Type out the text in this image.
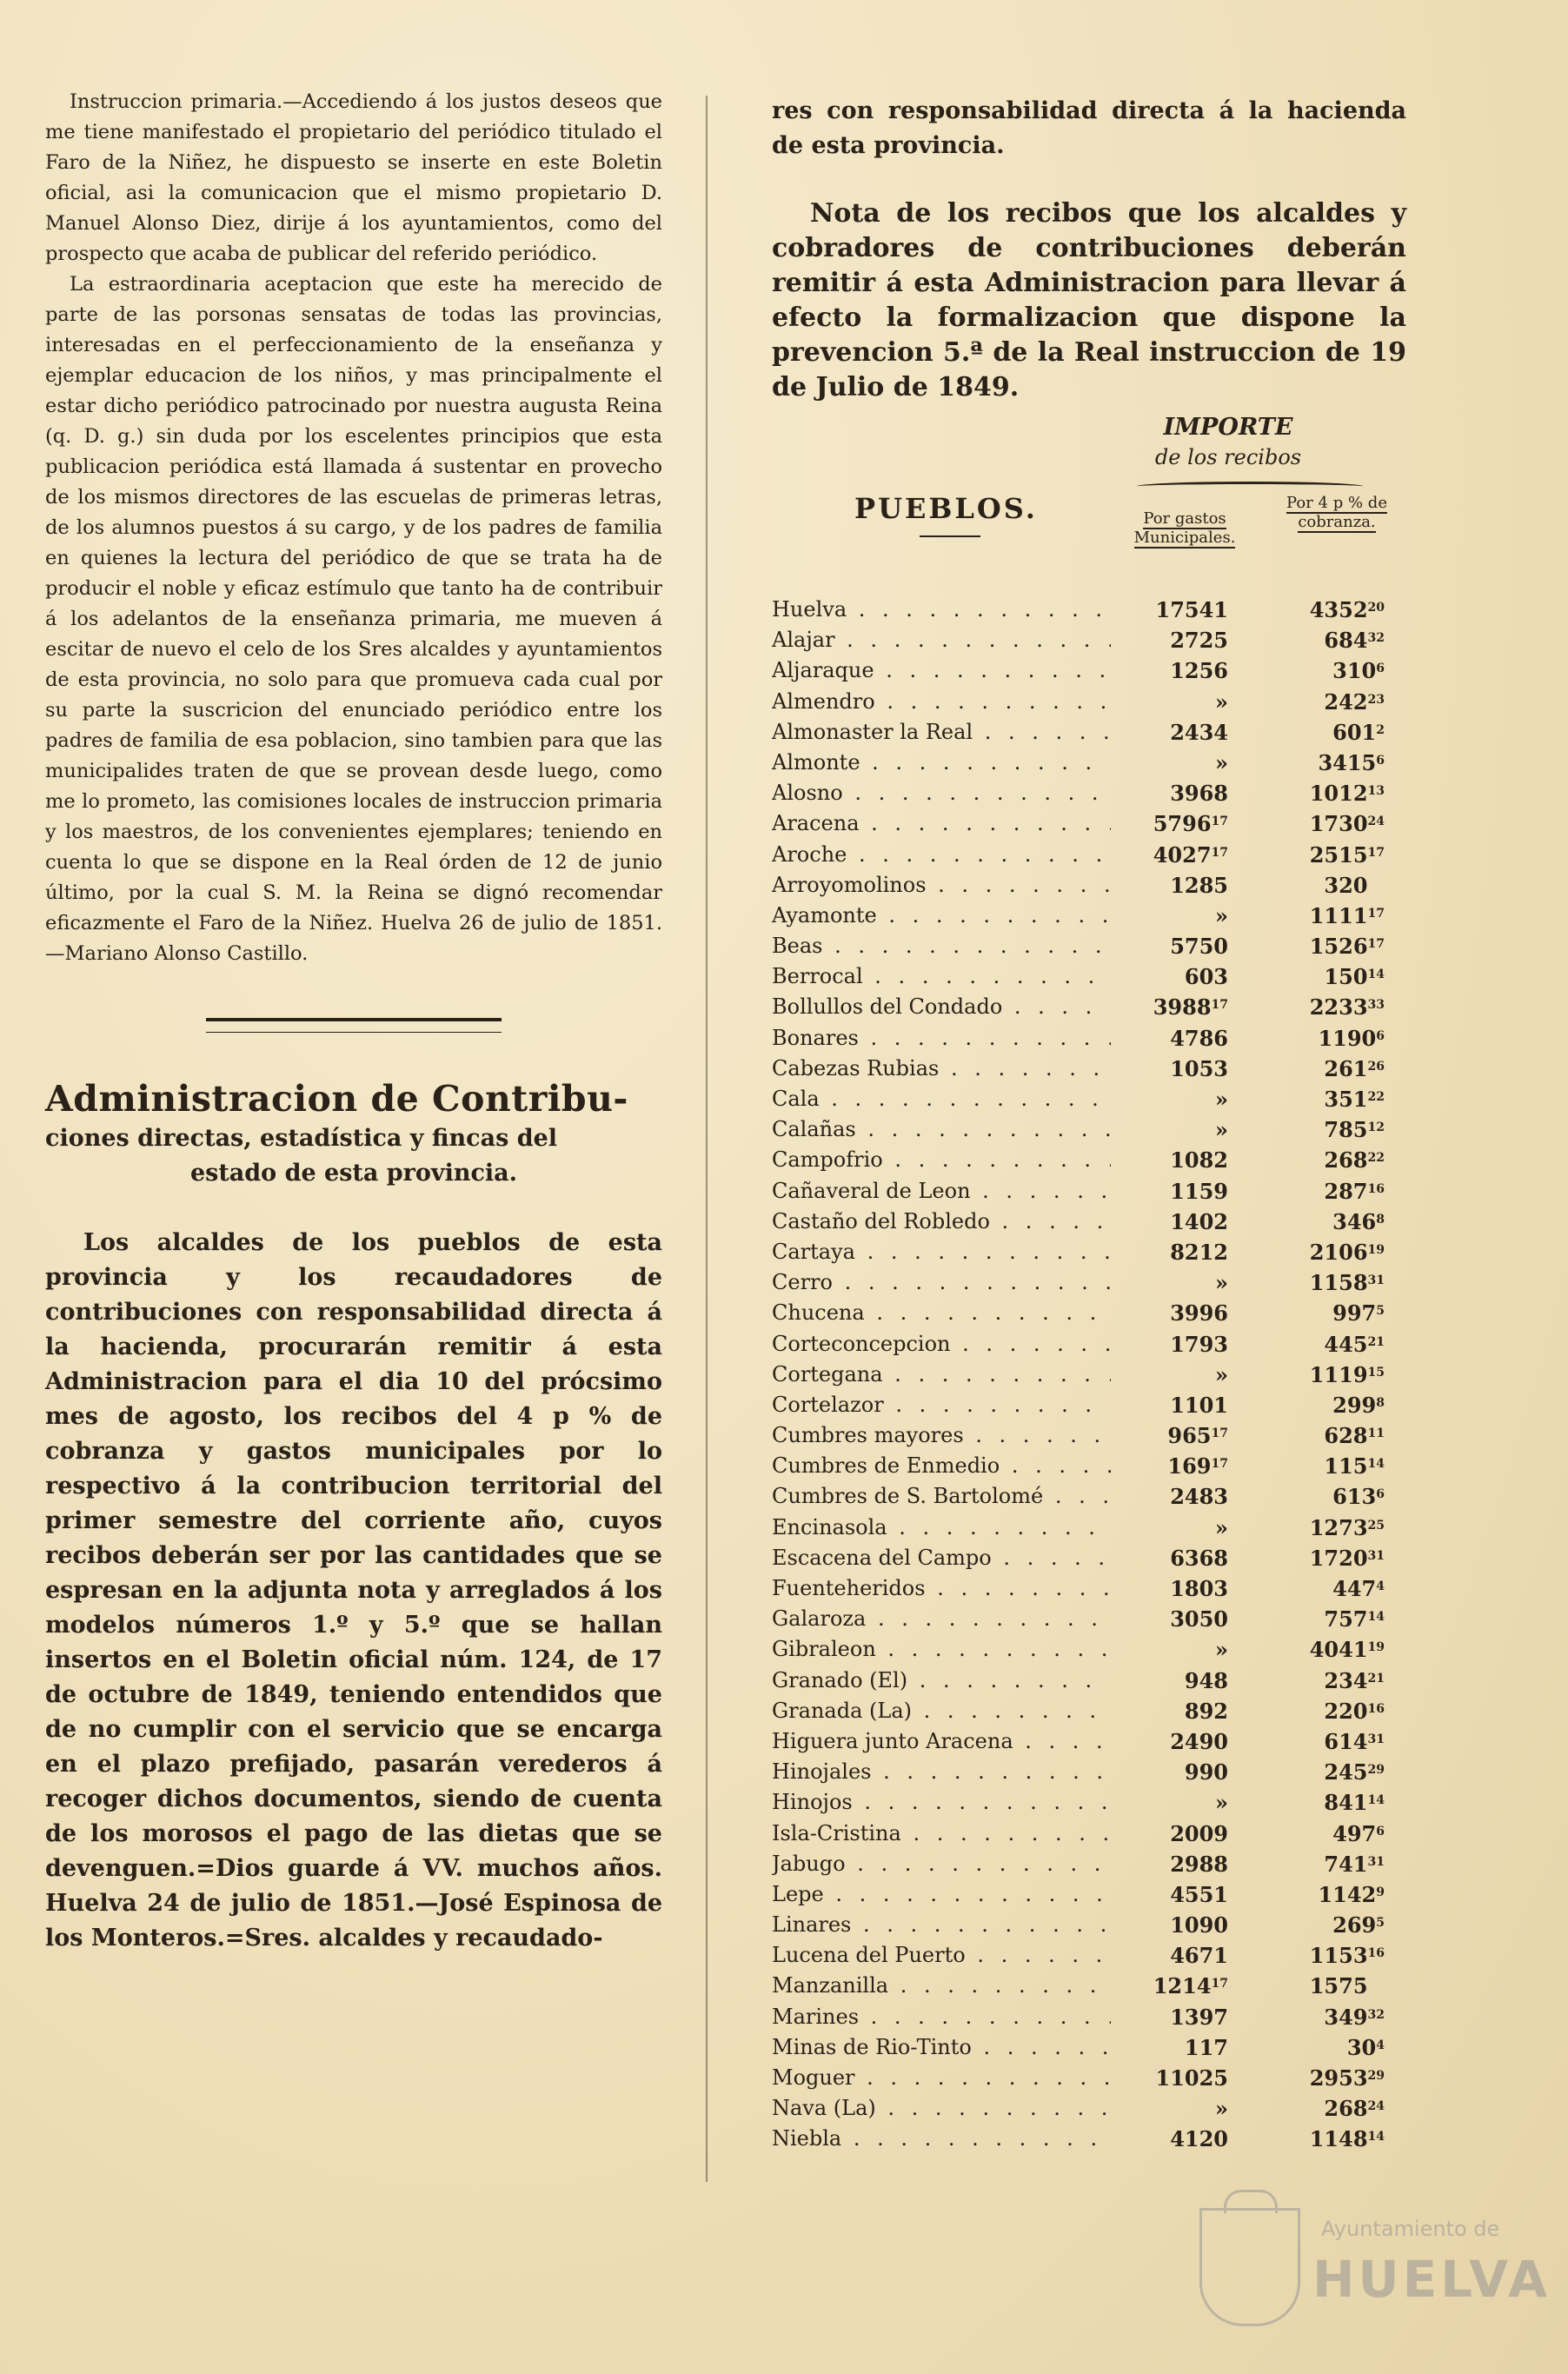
Instruccion primaria.—Accediendo á los justos deseos que me tiene manifestado el propietario del periódico titulado el Faro de la Niñez, he dispuesto se inserte en este Boletin oficial, asi la comunicacion que el mismo propietario D. Manuel Alonso Diez, dirije á los ayuntamientos, como del prospecto que acaba de publicar del referido periódico.

La estraordinaria aceptacion que este ha merecido de parte de las porsonas sensatas de todas las provincias, interesadas en el perfeccionamiento de la enseñanza y ejemplar educacion de los niños, y mas principalmente el estar dicho periódico patrocinado por nuestra augusta Reina (q. D. g.) sin duda por los escelentes principios que esta publicacion periódica está llamada á sustentar en provecho de los mismos directores de las escuelas de primeras letras, de los alumnos puestos á su cargo, y de los padres de familia en quienes la lectura del periódico de que se trata ha de producir el noble y eficaz estímulo que tanto ha de contribuir á los adelantos de la enseñanza primaria, me mueven á escitar de nuevo el celo de los Sres alcaldes y ayuntamientos de esta provincia, no solo para que promueva cada cual por su parte la suscricion del enunciado periódico entre los padres de familia de esa poblacion, sino tambien para que las municipalides traten de que se provean desde luego, como me lo prometo, las comisiones locales de instruccion primaria y los maestros, de los convenientes ejemplares; teniendo en cuenta lo que se dispone en la Real órden de 12 de junio último, por la cual S. M. la Reina se dignó recomendar eficazmente el Faro de la Niñez. Huelva 26 de julio de 1851.—Mariano Alonso Castillo.

Administracion de Contribu-
ciones directas, estadística y fincas del
estado de esta provincia.

Los alcaldes de los pueblos de esta provincia y los recaudadores de contribuciones con responsabilidad directa á la hacienda, procurarán remitir á esta Administracion para el dia 10 del prócsimo mes de agosto, los recibos del 4 p % de cobranza y gastos municipales por lo respectivo á la contribucion territorial del primer semestre del corriente año, cuyos recibos deberán ser por las cantidades que se espresan en la adjunta nota y arreglados á los modelos números 1.º y 5.º que se hallan insertos en el Boletin oficial núm. 124, de 17 de octubre de 1849, teniendo entendidos que de no cumplir con el servicio que se encarga en el plazo prefijado, pasarán verederos á recoger dichos documentos, siendo de cuenta de los morosos el pago de las dietas que se devenguen.=Dios guarde á VV. muchos años. Huelva 24 de julio de 1851.—José Espinosa de los Monteros.=Sres. alcaldes y recaudado-

res con responsabilidad directa á la hacienda de esta provincia.

Nota de los recibos que los alcaldes y cobradores de contribuciones deberán remitir á esta Administracion para llevar á efecto la formalizacion que dispone la prevencion 5.ª de la Real instruccion de 19 de Julio de 1849.

IMPORTE
de los recibos
PUEBLOS.	Por gastos Municipales.
Por 4 p % de cobranza.
Huelva . . .	17541	4352$^{20}$
Alajar . . .	2725	$684^{32}$
Aljaraque . . .	1256	$310^6$
Almendro . . .	»	$242^{23}$
Almonaster la Real . . .	2434	$601^2$
Almonte . . .	»	3415$^6$
Alosno . . .	3968	1012$^{13}$
Aracena . . .	5796$^{17}$	1730$^{24}$
Aroche . . .	4027$^{17}$	2515$^{17}$
Arroyomolinos . . .	1285	320
Ayamonte . . .	»	1111$^{17}$
Beas . . .	5750	1526$^{17}$
Berrocal . . .	603	$150^{14}$
Bollullos del Condado . . .	3988$^{17}$	2233$^{33}$
Bonares . . .	4786	1190$^6$
Cabezas Rubias . . .	1053	$261^{26}$
Cala . . .	»	$351^{22}$
Calañas . . .	»	$785^{12}$
Campofrio . . .	1082	$268^{22}$
Cañaveral de Leon . . .	1159	$287^{16}$
Castaño del Robledo . . .	1402	$346^8$
Cartaya . . .	8212	2106$^{19}$
Cerro . . .	»	1158$^{31}$
Chucena . . .	3996	$997^5$
Corteconcepcion . . .	1793	$445^{21}$
Cortegana . . .	»	1119$^{15}$
Cortelazor . . .	1101	$299^8$
Cumbres mayores . . .	$965^{17}$	$628^{11}$
Cumbres de Enmedio . . .	$169^{17}$	$115^{14}$
Cumbres de S. Bartolomé . . .	2483	$613^6$
Encinasola . . .	»	1273$^{25}$
Escacena del Campo . . .	6368	1720$^{31}$
Fuenteheridos . . .	1803	$447^4$
Galaroza . . .	3050	$757^{14}$
Gibraleon . . .	»	4041$^{19}$
Granado (El) . . .	948	$234^{21}$
Granada (La) . . .	892	$220^{16}$
Higuera junto Aracena . . .	2490	$614^{31}$
Hinojales . . .	990	$245^{29}$
Hinojos . . .	»	$841^{14}$
Isla-Cristina . . .	2009	$497^6$
Jabugo . . .	2988	$741^{31}$
Lepe . . .	4551	1142$^9$
Linares . . .	1090	$269^5$
Lucena del Puerto . . .	4671	1153$^{16}$
Manzanilla . . .	1214$^{17}$	1575
Marines . . .	1397	$349^{32}$
Minas de Rio-Tinto . . .	117	$30^4$
Moguer . . .	11025	2953$^{29}$
Nava (La) . . .	»	$268^{24}$
Niebla . . .	4120	1148$^{14}$
Ayuntamiento de
HUELVA
